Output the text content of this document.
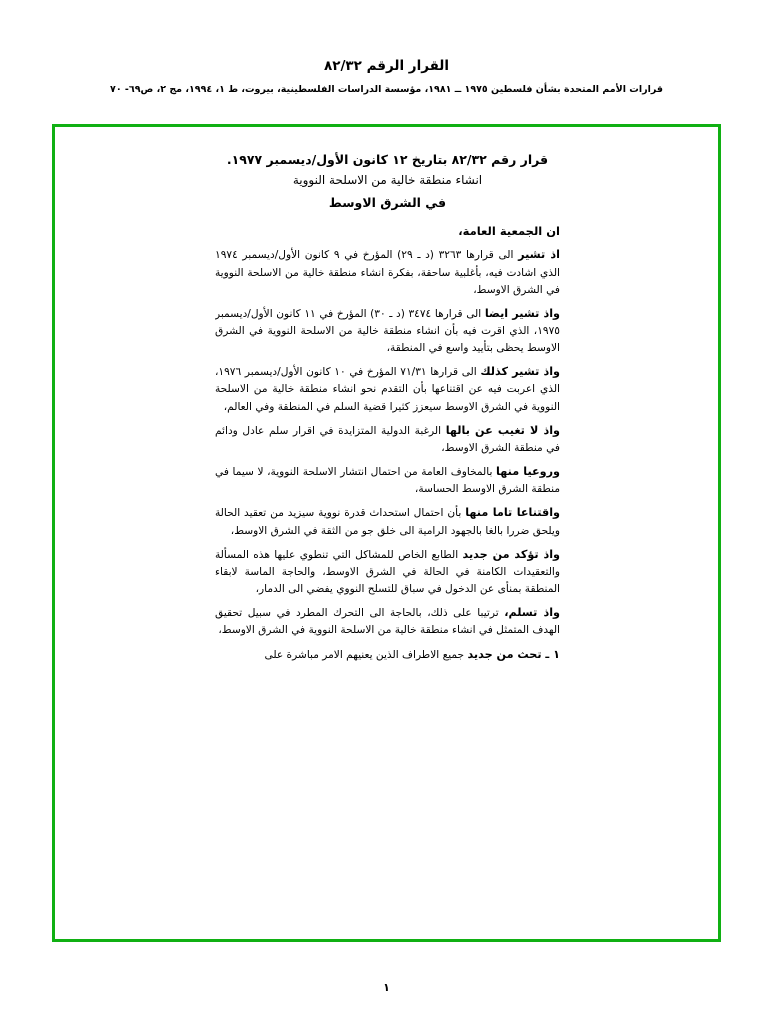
القرار الرقم ٨٢/٣٢
قرارات الأمم المتحدة بشأن فلسطين ١٩٧٥ ــ ١٩٨١، مؤسسة الدراسات الفلسطينية، بيروت، ط ١، ١٩٩٤، مج ٢، ص٦٩- ٧٠
قرار رقم ٨٢/٣٢ بتاريخ ١٢ كانون الأول/ديسمبر ١٩٧٧.
انشاء منطقة خالية من الاسلحة النووية
في الشرق الاوسط
ان الجمعية العامة،

اذ تشير الى قرارها ٣٢٦٣ (د ـ ٢٩) المؤرخ في ٩ كانون الأول/ديسمبر ١٩٧٤ الذي اشادت فيه، بأغلبية ساحقة، بفكرة انشاء منطقة خالية من الاسلحة النووية في الشرق الاوسط،

واذ تشير ايضا الى قرارها ٣٤٧٤ (د ـ ٣٠) المؤرخ في ١١ كانون الأول/ديسمبر ١٩٧٥، الذي اقرت فيه بأن انشاء منطقة خالية من الاسلحة النووية في الشرق الاوسط يحظى بتأييد واسع في المنطقة،

واذ تشير كذلك الى قرارها ٧١/٣١ المؤرخ في ١٠ كانون الأول/ديسمبر ١٩٧٦، الذي اعربت فيه عن اقتناعها بأن التقدم نحو انشاء منطقة خالية من الاسلحة النووية في الشرق الاوسط سيعزز كثيرا قضية السلم في المنطقة وفي العالم،

واذ لا تغيب عن بالها الرغبة الدولية المتزايدة في اقرار سلم عادل ودائم في منطقة الشرق الاوسط،

وروعيا منها بالمخاوف العامة من احتمال انتشار الاسلحة النووية، لا سيما في منطقة الشرق الاوسط الحساسة،

واقتناعا تاما منها بأن احتمال استحداث قدرة نووية سيزيد من تعقيد الحالة ويلحق ضررا بالغا بالجهود الرامية الى خلق جو من الثقة في الشرق الاوسط،

واذ تؤكد من جديد الطابع الخاص للمشاكل التي تنطوي عليها هذه المسألة والتعقيدات الكامنة في الحالة في الشرق الاوسط، والحاجة الماسة لابقاء المنطقة بمنأى عن الدخول في سباق للتسلح النووي يفضي الى الدمار،

واذ تسلم، ترتيبا على ذلك، بالحاجة الى التحرك المطرد في سبيل تحقيق الهدف المتمثل في انشاء منطقة خالية من الاسلحة النووية في الشرق الاوسط،

١ ـ تحث من جديد جميع الاطراف الذين يعنيهم الامر مباشرة على

١
